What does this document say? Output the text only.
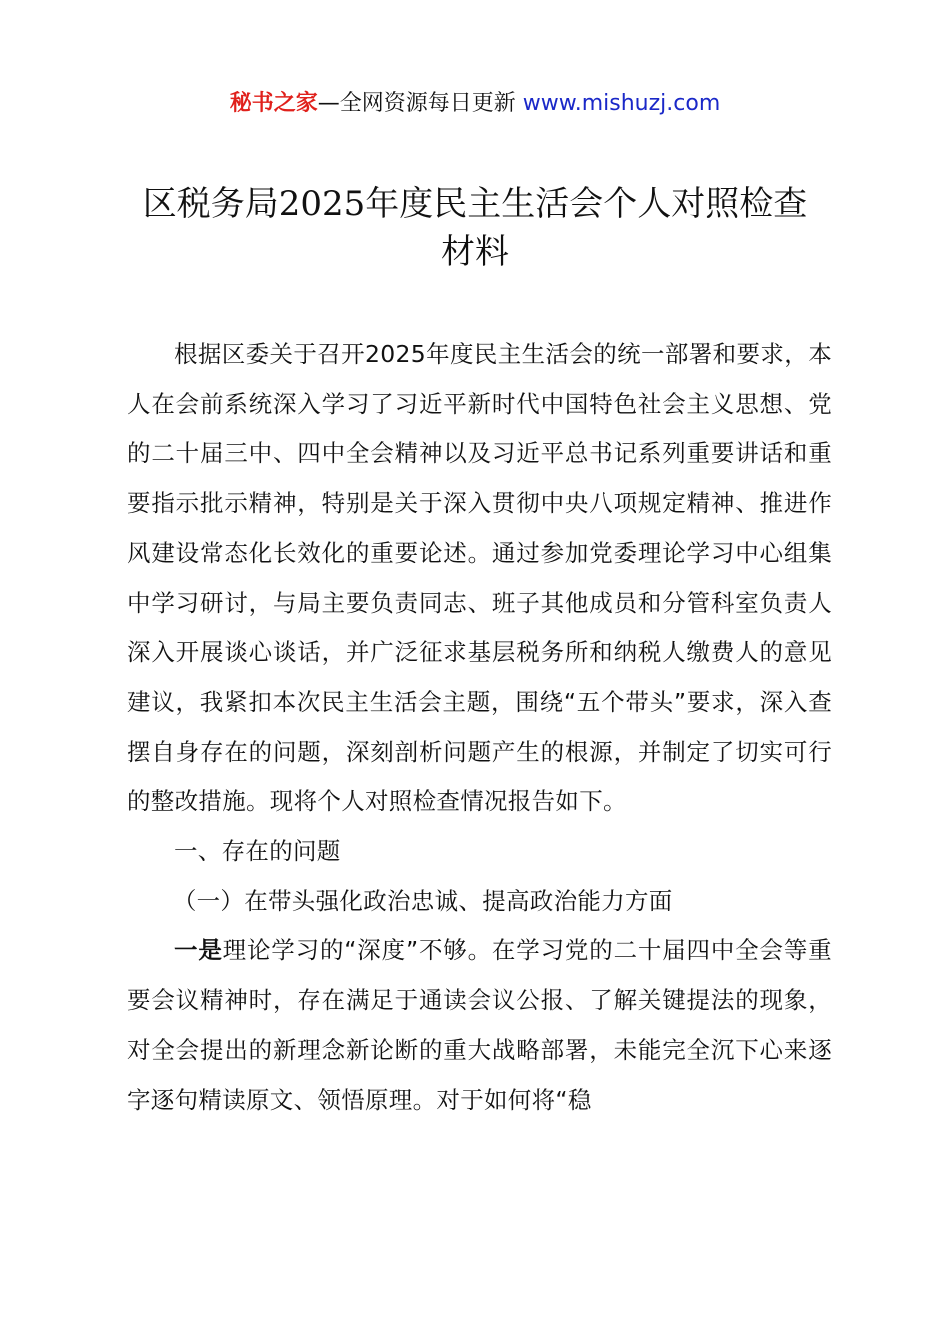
秘书之家—全网资源每日更新 www.mishuzj.com
区税务局2025年度民主生活会个人对照检查
材料

根据区委关于召开2025年度民主生活会的统一部署和要求，本人在会前系统深入学习了习近平新时代中国特色社会主义思想、党的二十届三中、四中全会精神以及习近平总书记系列重要讲话和重要指示批示精神，特别是关于深入贯彻中央八项规定精神、推进作风建设常态化长效化的重要论述。通过参加党委理论学习中心组集中学习研讨，与局主要负责同志、班子其他成员和分管科室负责人深入开展谈心谈话，并广泛征求基层税务所和纳税人缴费人的意见建议，我紧扣本次民主生活会主题，围绕“五个带头”要求，深入查摆自身存在的问题，深刻剖析问题产生的根源，并制定了切实可行的整改措施。现将个人对照检查情况报告如下。

一、存在的问题

（一）在带头强化政治忠诚、提高政治能力方面

一是理论学习的“深度”不够。在学习党的二十届四中全会等重要会议精神时，存在满足于通读会议公报、了解关键提法的现象，对全会提出的新理念新论断的重大战略部署，未能完全沉下心来逐字逐句精读原文、领悟原理。对于如何将“稳
